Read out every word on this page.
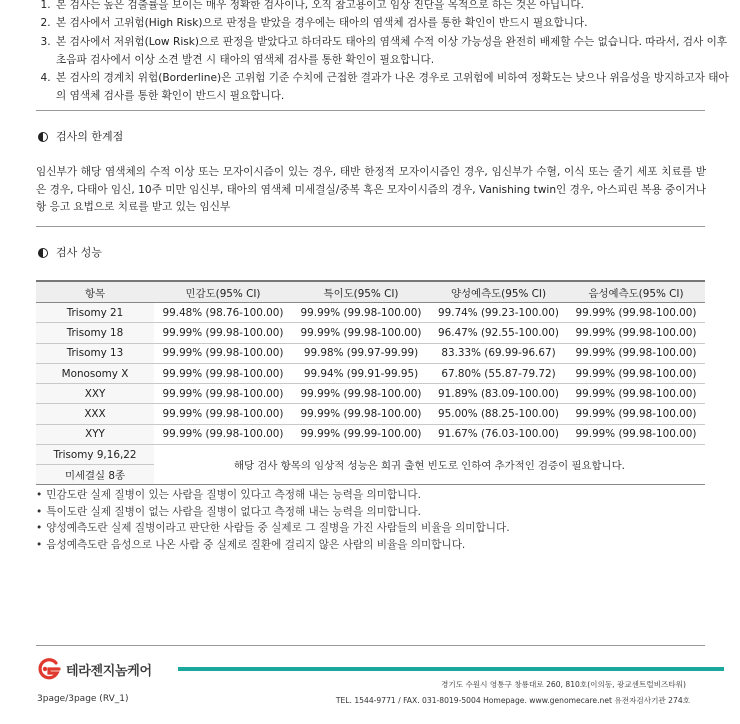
1. 본 검사는 높은 검출률을 보이는 매우 정확한 검사이나, 오직 참고용이고 임상 진단을 목적으로 하는 것은 아닙니다.
2. 본 검사에서 고위험(High Risk)으로 판정을 받았을 경우에는 태아의 염색체 검사를 통한 확인이 반드시 필요합니다.
3. 본 검사에서 저위험(Low Risk)으로 판정을 받았다고 하더라도 태아의 염색체 수적 이상 가능성을 완전히 배제할 수는 없습니다. 따라서, 검사 이후 초음파 검사에서 이상 소견 발견 시 태아의 염색체 검사를 통한 확인이 필요합니다.
4. 본 검사의 경계치 위험(Borderline)은 고위험 기준 수치에 근접한 결과가 나온 경우로 고위험에 비하여 정확도는 낮으나 위음성을 방지하고자 태아의 염색체 검사를 통한 확인이 반드시 필요합니다.
검사의 한계점

임신부가 해당 염색체의 수적 이상 또는 모자이시즘이 있는 경우, 태반 한정적 모자이시즘인 경우, 임신부가 수혈, 이식 또는 줄기 세포 치료를 받은 경우, 다태아 임신, 10주 미만 임신부, 태아의 염색체 미세결실/중복 혹은 모자이시즘의 경우, Vanishing twin인 경우, 아스피린 복용 중이거나 항 응고 요법으로 치료를 받고 있는 임신부

검사 성능
항목	민감도(95% CI)	특이도(95% CI)	양성예측도(95% CI)	음성예측도(95% CI)
Trisomy 21	99.48% (98.76-100.00)	99.99% (99.98-100.00)	99.74% (99.23-100.00)	99.99% (99.98-100.00)
Trisomy 18	99.99% (99.98-100.00)	99.99% (99.98-100.00)	96.47% (92.55-100.00)	99.99% (99.98-100.00)
Trisomy 13	99.99% (99.98-100.00)	99.98% (99.97-99.99)	83.33% (69.99-96.67)	99.99% (99.98-100.00)
Monosomy X	99.99% (99.98-100.00)	99.94% (99.91-99.95)	67.80% (55.87-79.72)	99.99% (99.98-100.00)
XXY	99.99% (99.98-100.00)	99.99% (99.98-100.00)	91.89% (83.09-100.00)	99.99% (99.98-100.00)
XXX	99.99% (99.98-100.00)	99.99% (99.98-100.00)	95.00% (88.25-100.00)	99.99% (99.98-100.00)
XYY	99.99% (99.98-100.00)	99.99% (99.99-100.00)	91.67% (76.03-100.00)	99.99% (99.98-100.00)
Trisomy 9,16,22	해당 검사 항목의 임상적 성능은 희귀 출현 빈도로 인하여 추가적인 검증이 필요합니다.			
미세결실 8종				
• 민감도란 실제 질병이 있는 사람을 질병이 있다고 측정해 내는 능력을 의미합니다.
• 특이도란 실제 질병이 없는 사람을 질병이 없다고 측정해 내는 능력을 의미합니다.
• 양성예측도란 실제 질병이라고 판단한 사람들 중 실제로 그 질병을 가진 사람들의 비율을 의미합니다.
• 음성예측도란 음성으로 나온 사람 중 실제로 질환에 걸리지 않은 사람의 비율을 의미합니다.
테라젠지놈케어
경기도 수원시 영통구 창룡대로 260, 810호(이의동, 광교센트럴비즈타워)
3page/3page (RV_1)	TEL. 1544-9771 / FAX. 031-8019-5004 Homepage. www.genomecare.net 유전자검사기관 274호
